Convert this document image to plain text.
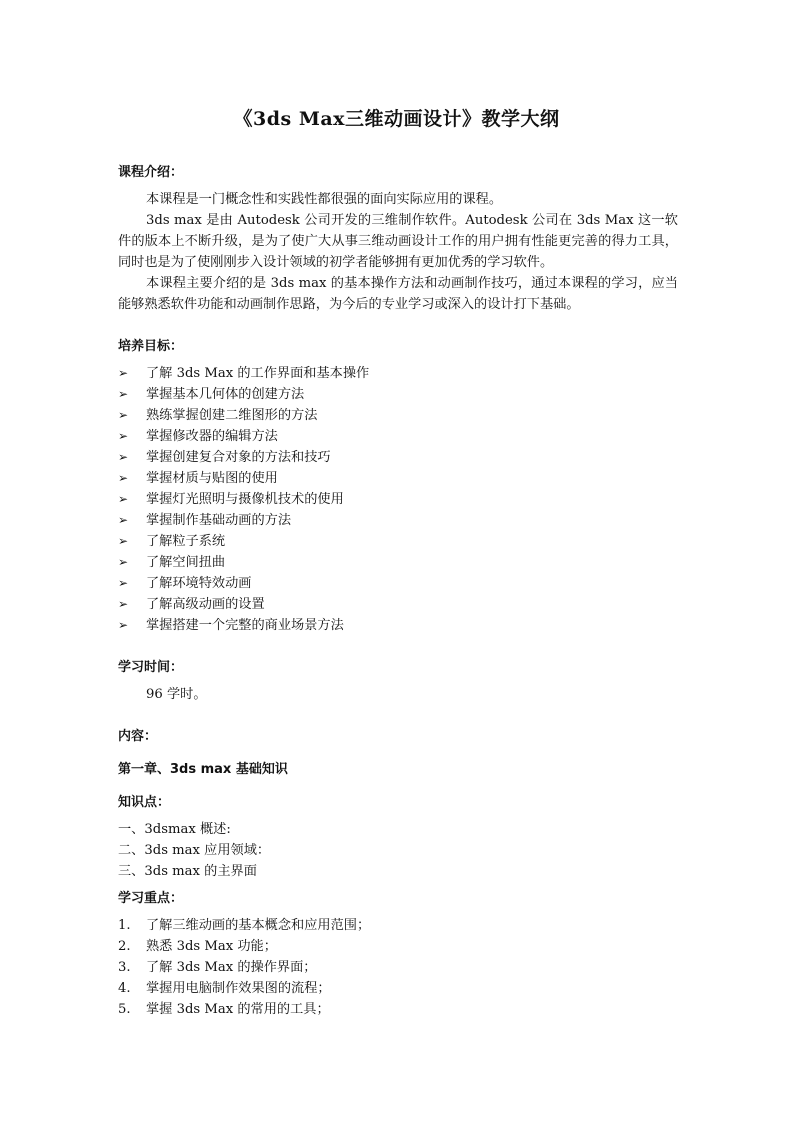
《3ds Max三维动画设计》教学大纲
课程介绍：
本课程是一门概念性和实践性都很强的面向实际应用的课程。
3ds max 是由 Autodesk 公司开发的三维制作软件。Autodesk 公司在 3ds Max 这一软件的版本上不断升级，是为了使广大从事三维动画设计工作的用户拥有性能更完善的得力工具，同时也是为了使刚刚步入设计领域的初学者能够拥有更加优秀的学习软件。
本课程主要介绍的是 3ds max 的基本操作方法和动画制作技巧，通过本课程的学习，应当能够熟悉软件功能和动画制作思路，为今后的专业学习或深入的设计打下基础。
培养目标：
➢ 了解 3ds Max 的工作界面和基本操作
➢ 掌握基本几何体的创建方法
➢ 熟练掌握创建二维图形的方法
➢ 掌握修改器的编辑方法
➢ 掌握创建复合对象的方法和技巧
➢ 掌握材质与贴图的使用
➢ 掌握灯光照明与摄像机技术的使用
➢ 掌握制作基础动画的方法
➢ 了解粒子系统
➢ 了解空间扭曲
➢ 了解环境特效动画
➢ 了解高级动画的设置
➢ 掌握搭建一个完整的商业场景方法
学习时间：
96 学时。
内容：
第一章、3ds max 基础知识
知识点：
一、3dsmax 概述:
二、3ds max 应用领域：
三、3ds max 的主界面
学习重点：
1. 了解三维动画的基本概念和应用范围；
2. 熟悉 3ds Max 功能；
3. 了解 3ds Max 的操作界面；
4. 掌握用电脑制作效果图的流程；
5. 掌握 3ds Max 的常用的工具；
